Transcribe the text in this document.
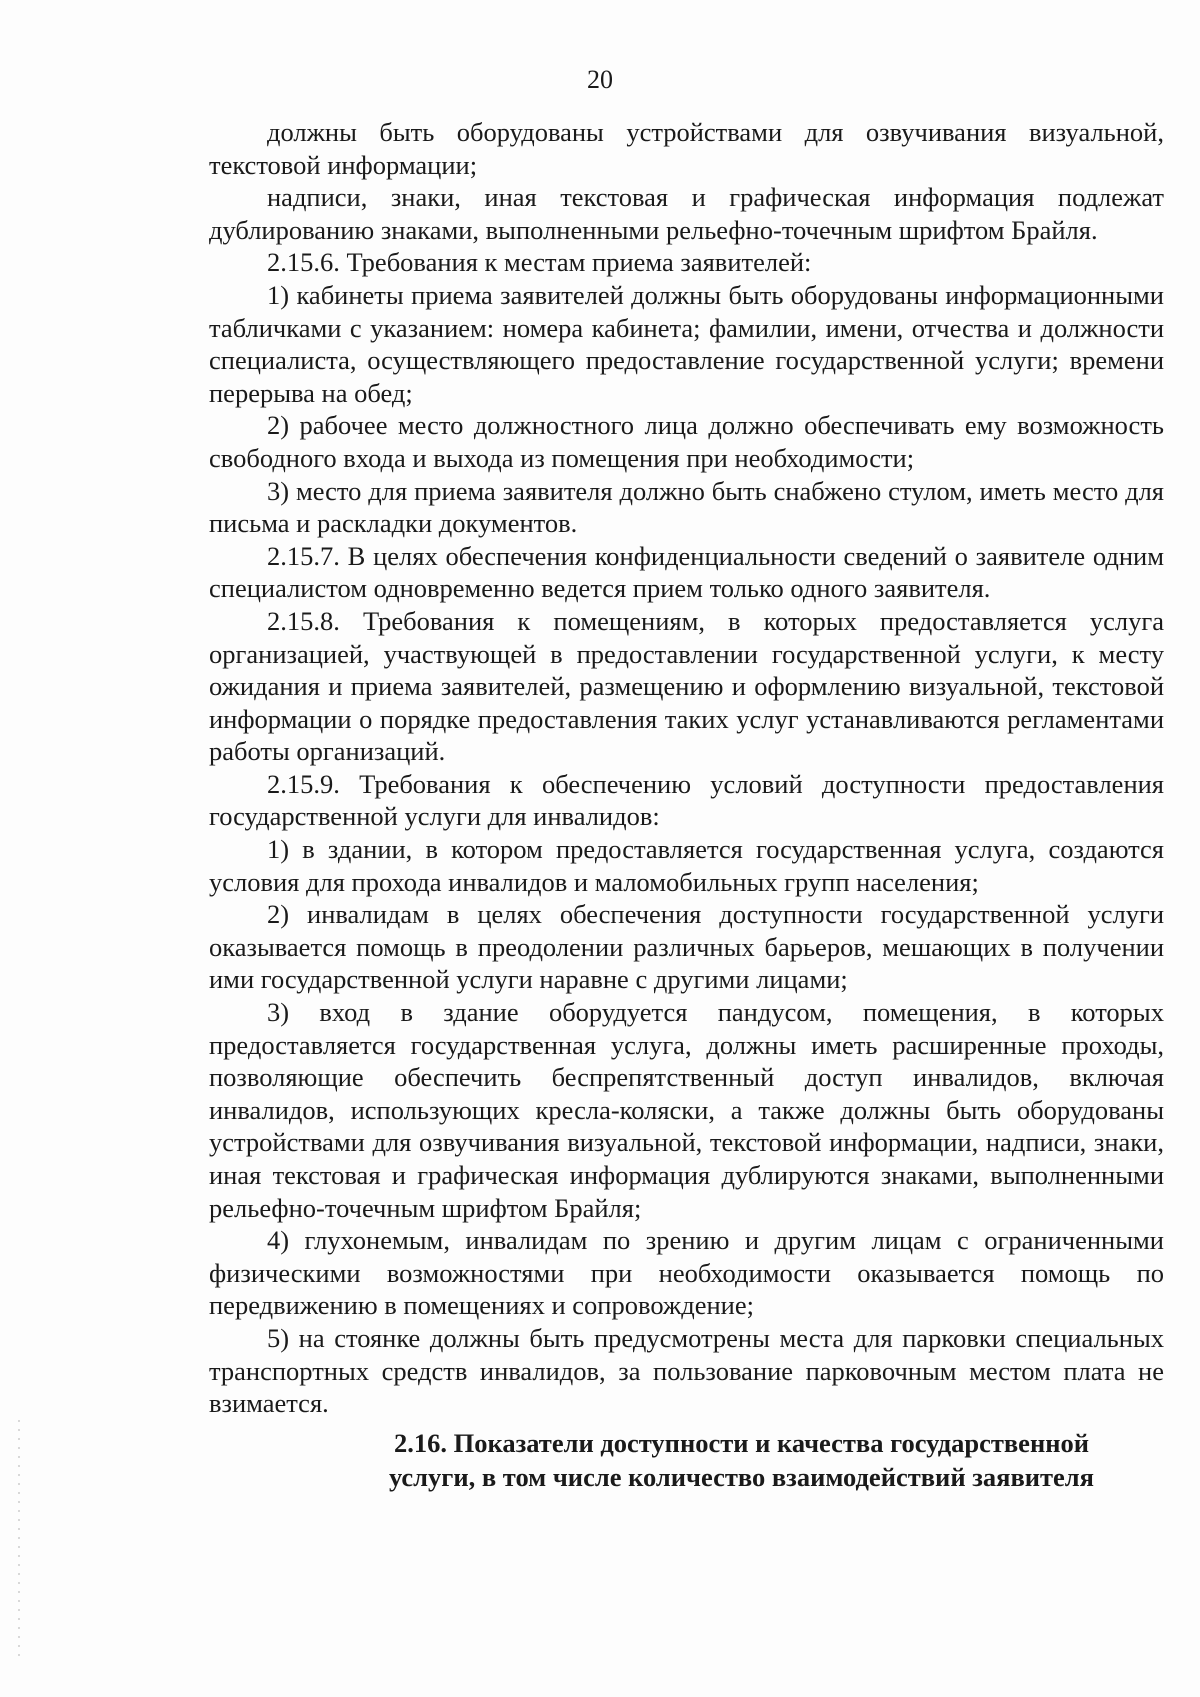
20

должны быть оборудованы устройствами для озвучивания визуальной, текстовой информации;

надписи, знаки, иная текстовая и графическая информация подлежат дублированию знаками, выполненными рельефно-точечным шрифтом Брайля.

2.15.6. Требования к местам приема заявителей:

1) кабинеты приема заявителей должны быть оборудованы информационными табличками с указанием: номера кабинета; фамилии, имени, отчества и должности специалиста, осуществляющего предоставление государственной услуги; времени перерыва на обед;

2) рабочее место должностного лица должно обеспечивать ему возможность свободного входа и выхода из помещения при необходимости;

3) место для приема заявителя должно быть снабжено стулом, иметь место для письма и раскладки документов.

2.15.7. В целях обеспечения конфиденциальности сведений о заявителе одним специалистом одновременно ведется прием только одного заявителя.

2.15.8. Требования к помещениям, в которых предоставляется услуга организацией, участвующей в предоставлении государственной услуги, к месту ожидания и приема заявителей, размещению и оформлению визуальной, текстовой информации о порядке предоставления таких услуг устанавливаются регламентами работы организаций.

2.15.9. Требования к обеспечению условий доступности предоставления государственной услуги для инвалидов:

1) в здании, в котором предоставляется государственная услуга, создаются условия для прохода инвалидов и маломобильных групп населения;

2) инвалидам в целях обеспечения доступности государственной услуги оказывается помощь в преодолении различных барьеров, мешающих в получении ими государственной услуги наравне с другими лицами;

3) вход в здание оборудуется пандусом, помещения, в которых предоставляется государственная услуга, должны иметь расширенные проходы, позволяющие обеспечить беспрепятственный доступ инвалидов, включая инвалидов, использующих кресла-коляски, а также должны быть оборудованы устройствами для озвучивания визуальной, текстовой информации, надписи, знаки, иная текстовая и графическая информация дублируются знаками, выполненными рельефно-точечным шрифтом Брайля;

4) глухонемым, инвалидам по зрению и другим лицам с ограниченными физическими возможностями при необходимости оказывается помощь по передвижению в помещениях и сопровождение;

5) на стоянке должны быть предусмотрены места для парковки специальных транспортных средств инвалидов, за пользование парковочным местом плата не взимается.

2.16. Показатели доступности и качества государственной
услуги, в том числе количество взаимодействий заявителя
